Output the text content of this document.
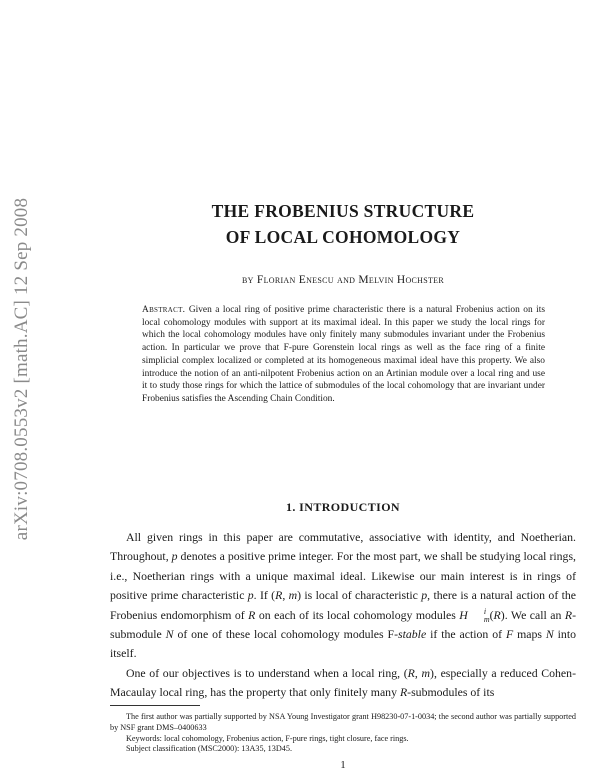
arXiv:0708.0553v2 [math.AC] 12 Sep 2008	THE FROBENIUS STRUCTURE
OF LOCAL COHOMOLOGY
by Florian Enescu and Melvin Hochster
Abstract. Given a local ring of positive prime characteristic there is a natural Frobenius action on its local cohomology modules with support at its maximal ideal. In this paper we study the local rings for which the local cohomology modules have only finitely many submodules invariant under the Frobenius action. In particular we prove that F-pure Gorenstein local rings as well as the face ring of a finite simplicial complex localized or completed at its homogeneous maximal ideal have this property. We also introduce the notion of an anti-nilpotent Frobenius action on an Artinian module over a local ring and use it to study those rings for which the lattice of submodules of the local cohomology that are invariant under Frobenius satisfies the Ascending Chain Condition.
1. INTRODUCTION

All given rings in this paper are commutative, associative with identity, and Noetherian. Throughout, p denotes a positive prime integer. For the most part, we shall be studying local rings, i.e., Noetherian rings with a unique maximal ideal. Likewise our main interest is in rings of positive prime characteristic p. If (R, m) is local of characteristic p, there is a natural action of the Frobenius endomorphism of R on each of its local cohomology modules H	i
m (R). We call an R-submodule N of one of these local cohomology modules F-stable if the action of F maps N into itself.

One of our objectives is to understand when a local ring, (R, m), especially a reduced Cohen-Macaulay local ring, has the property that only finitely many R-submodules of its

The first author was partially supported by NSA Young Investigator grant H98230-07-1-0034; the second author was partially supported by NSF grant DMS–0400633

Keywords: local cohomology, Frobenius action, F-pure rings, tight closure, face rings.

Subject classification (MSC2000): 13A35, 13D45.

1
